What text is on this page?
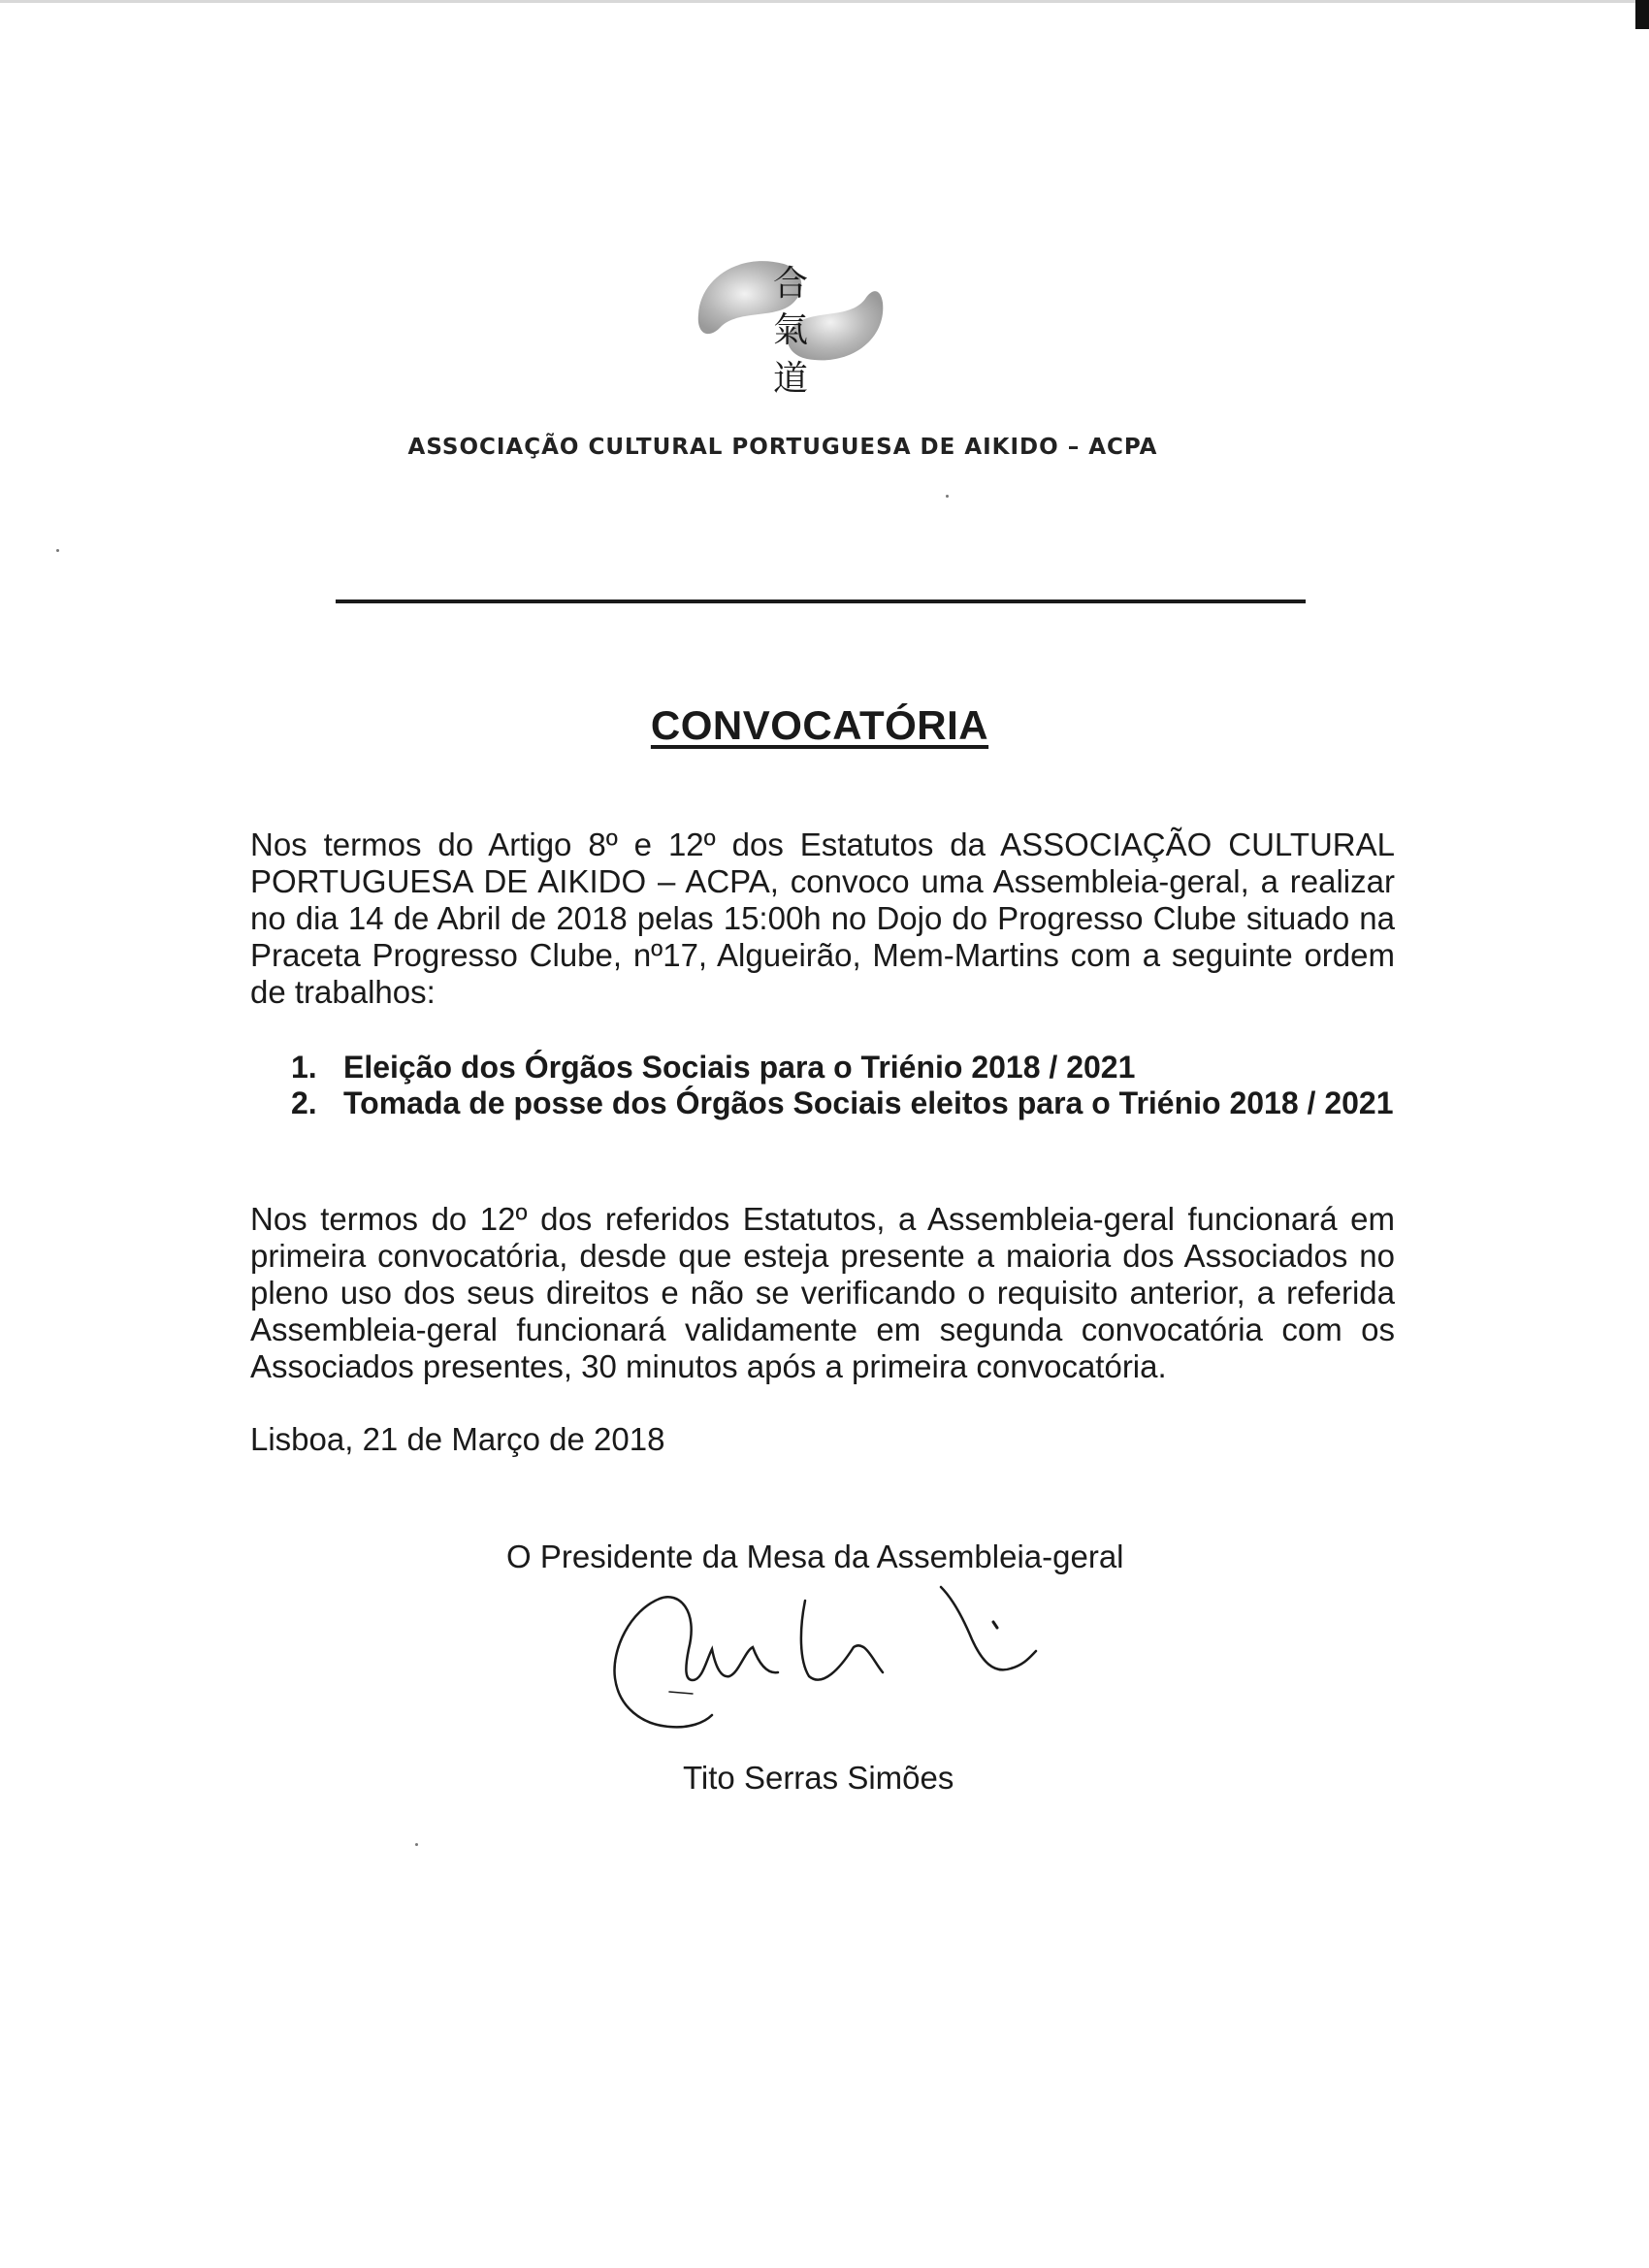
合
氣
道
ASSOCIAÇÃO CULTURAL PORTUGUESA DE AIKIDO – ACPA
CONVOCATÓRIA

Nos termos do Artigo 8º e 12º dos Estatutos da ASSOCIAÇÃO CULTURAL PORTUGUESA DE AIKIDO – ACPA, convoco uma Assembleia-geral, a realizar no dia 14 de Abril de 2018 pelas 15:00h no Dojo do Progresso Clube situado na Praceta Progresso Clube, nº17, Algueirão, Mem-Martins com a seguinte ordem de trabalhos:

1. Eleição dos Órgãos Sociais para o Triénio 2018 / 2021
2. Tomada de posse dos Órgãos Sociais eleitos para o Triénio 2018 / 2021

Nos termos do 12º dos referidos Estatutos, a Assembleia-geral funcionará em primeira convocatória, desde que esteja presente a maioria dos Associados no pleno uso dos seus direitos e não se verificando o requisito anterior, a referida Assembleia-geral funcionará validamente em segunda convocatória com os Associados presentes, 30 minutos após a primeira convocatória.

Lisboa, 21 de Março de 2018
O Presidente da Mesa da Assembleia-geral
Tito Serras Simões
